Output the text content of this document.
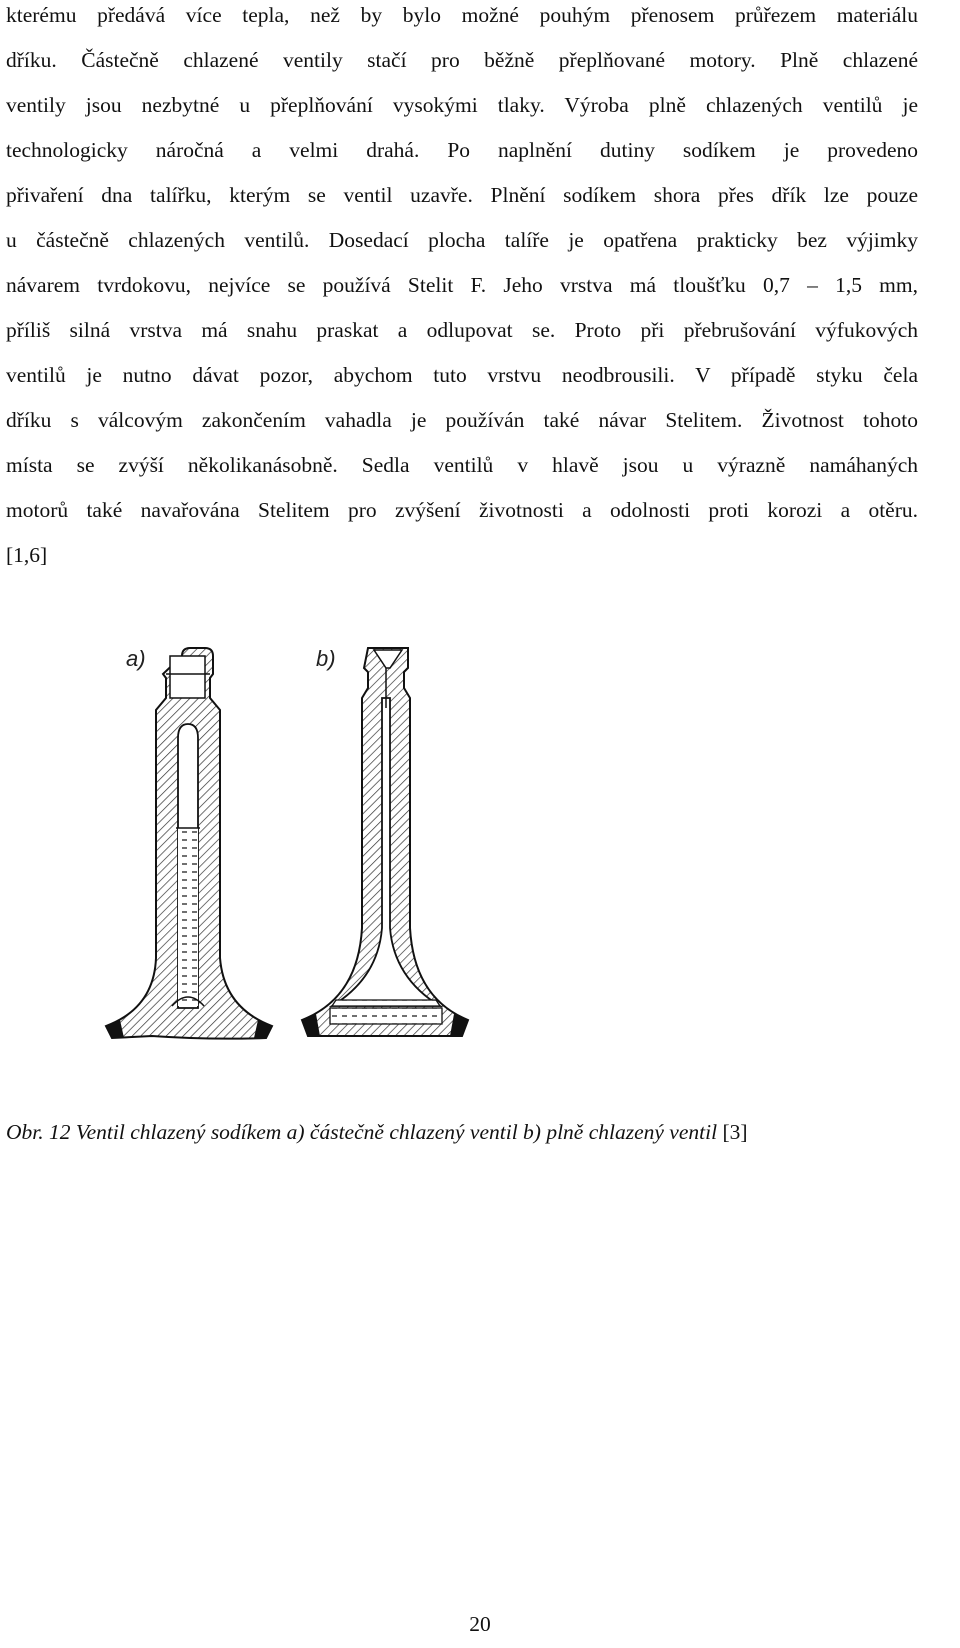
kterému předává více tepla, než by bylo možné pouhým přenosem průřezem materiálu
dříku. Částečně chlazené ventily stačí pro běžně přeplňované motory. Plně chlazené
ventily jsou nezbytné u přeplňování vysokými tlaky. Výroba plně chlazených ventilů je
technologicky náročná a velmi drahá. Po naplnění dutiny sodíkem je provedeno
přivaření dna talířku, kterým se ventil uzavře. Plnění sodíkem shora přes dřík lze pouze
u částečně chlazených ventilů. Dosedací plocha talíře je opatřena prakticky bez výjimky
návarem tvrdokovu, nejvíce se používá Stelit F. Jeho vrstva má tloušťku 0,7 – 1,5 mm,
příliš silná vrstva má snahu praskat a odlupovat se. Proto při přebrušování výfukových
ventilů je nutno dávat pozor, abychom tuto vrstvu neodbrousili. V případě styku čela
dříku s válcovým zakončením vahadla je používán také návar Stelitem. Životnost tohoto
místa se zvýší několikanásobně. Sedla ventilů v hlavě jsou u výrazně namáhaných
motorů také navařována Stelitem pro zvýšení životnosti a odolnosti proti korozi a otěru.
[1,6]
a)	b)
Obr. 12 Ventil chlazený sodíkem a) částečně chlazený ventil b) plně chlazený ventil [3]
20
